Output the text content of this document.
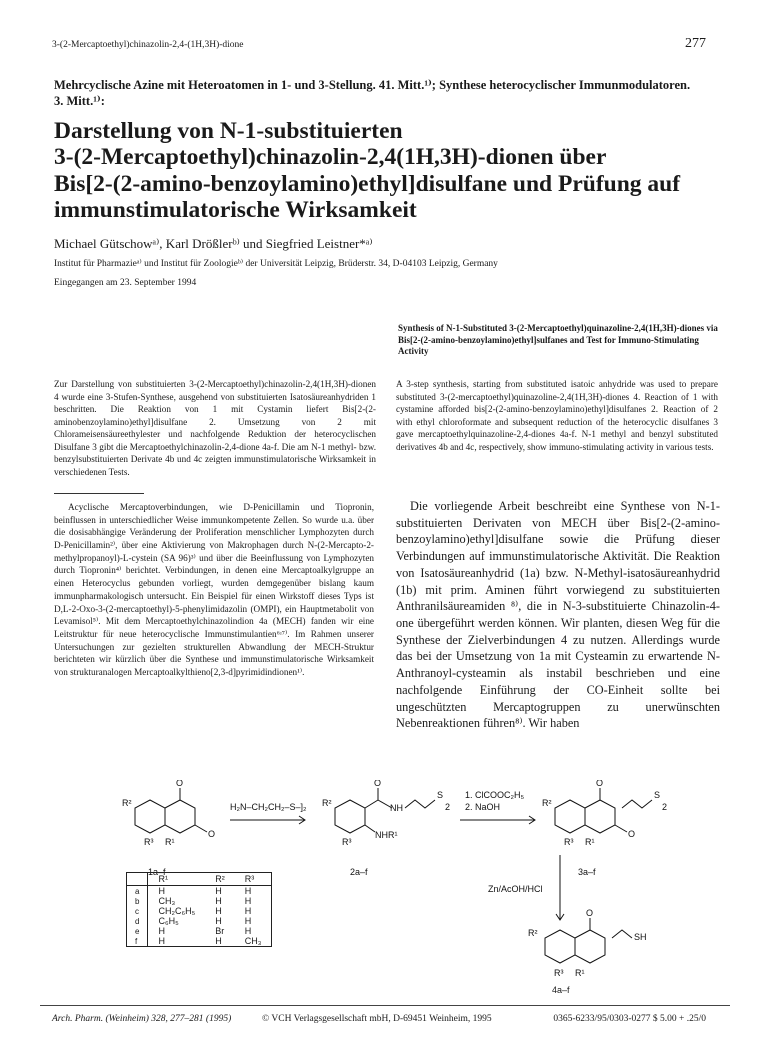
3-(2-Mercaptoethyl)chinazolin-2,4-(1H,3H)-dione	277
Mehrcyclische Azine mit Heteroatomen in 1- und 3-Stellung. 41. Mitt.¹⁾; Synthese heterocyclischer Immunmodulatoren. 3. Mitt.¹⁾:
Darstellung von N-1-substituierten
3-(2-Mercaptoethyl)chinazolin-2,4(1H,3H)-dionen über
Bis[2-(2-amino-benzoylamino)ethyl]disulfane und Prüfung auf
immunstimulatorische Wirksamkeit
Michael Gütschowᵃ⁾, Karl Drößlerᵇ⁾ und Siegfried Leistner*ᵃ⁾
Institut für Pharmazieᵃ⁾ und Institut für Zoologieᵇ⁾ der Universität Leipzig, Brüderstr. 34, D-04103 Leipzig, Germany
Eingegangen am 23. September 1994
Synthesis of N-1-Substituted 3-(2-Mercaptoethyl)quinazoline-2,4(1H,3H)-diones via Bis[2-(2-amino-benzoylamino)ethyl]sulfanes and Test for Immuno-Stimulating Activity
Zur Darstellung von substituierten 3-(2-Mercaptoethyl)chinazolin-2,4(1H,3H)-dionen 4 wurde eine 3-Stufen-Synthese, ausgehend von substituierten Isatosäureanhydriden 1 beschritten. Die Reaktion von 1 mit Cystamin liefert Bis[2-(2-aminobenzoylamino)ethyl]disulfane 2. Umsetzung von 2 mit Chlorameisensäureethylester und nachfolgende Reduktion der heterocyclischen Disulfane 3 gibt die Mercaptoethylchinazolin-2,4-dione 4a-f. Die am N-1 methyl- bzw. benzylsubstituierten Derivate 4b und 4c zeigten immunstimulatorische Wirksamkeit in verschiedenen Tests.
A 3-step synthesis, starting from substituted isatoic anhydride was used to prepare substituted 3-(2-mercaptoethyl)quinazoline-2,4(1H,3H)-diones 4. Reaction of 1 with cystamine afforded bis[2-(2-amino-benzoylamino)ethyl]disulfanes 2. Reaction of 2 with ethyl chloroformate and subsequent reduction of the heterocyclic disulfanes 3 gave mercaptoethylquinazoline-2,4-diones 4a-f. N-1 methyl and benzyl substituted derivatives 4b and 4c, respectively, show immuno-stimulating activity in various tests.
Acyclische Mercaptoverbindungen, wie D-Penicillamin und Tiopronin, beinflussen in unterschiedlicher Weise immunkompetente Zellen. So wurde u.a. über die dosisabhängige Veränderung der Proliferation menschlicher Lymphozyten durch D-Penicillamin²⁾, über eine Aktivierung von Makrophagen durch N-(2-Mercapto-2-methylpropanoyl)-L-cystein (SA 96)³⁾ und über die Beeinflussung von Lymphozyten durch Tiopronin⁴⁾ berichtet. Verbindungen, in denen eine Mercaptoalkylgruppe an einen Heterocyclus gebunden vorliegt, wurden demgegenüber bislang kaum immunpharmakologisch untersucht. Ein Beispiel für einen Wirkstoff dieses Typs ist D,L-2-Oxo-3-(2-mercaptoethyl)-5-phenylimidazolin (OMPI), ein Hauptmetabolit von Levamisol⁵⁾. Mit dem Mercaptoethylchinazolindion 4a (MECH) fanden wir eine Leitstruktur für neue heterocyclische Immunstimulantien⁶ʴ⁷⁾. Im Rahmen unserer Untersuchungen zur gezielten strukturellen Abwandlung der MECH-Struktur berichteten wir kürzlich über die Synthese und immunstimulatorische Wirksamkeit von strukturanalogen Mercaptoalkylthieno[2,3-d]pyrimidindionen¹⁾.
Die vorliegende Arbeit beschreibt eine Synthese von N-1-substituierten Derivaten von MECH über Bis[2-(2-amino-benzoylamino)ethyl]disulfane sowie die Prüfung dieser Verbindungen auf immunstimulatorische Aktivität. Die Reaktion von Isatosäureanhydrid (1a) bzw. N-Methyl-isatosäureanhydrid (1b) mit prim. Aminen führt vorwiegend zu substituierten Anthranilsäureamiden ⁸⁾, die in N-3-substituierte Chinazolin-4-one übergeführt werden können. Wir planten, diesen Weg für die Synthese der Zielverbindungen 4 zu nutzen. Allerdings wurde das bei der Umsetzung von 1a mit Cysteamin zu erwartende N-Anthranoyl-cysteamin als instabil beschrieben und eine nachfolgende Einführung der CO-Einheit sollte bei ungeschützten Mercaptogruppen zu unerwünschten Nebenreaktionen führen⁸⁾. Wir haben
R²
O
O
R³ R¹
1a–f
H₂N–CH₂CH₂–S–]₂ R²
O
NH
NHR¹
R³
S
2
2a–f
1. ClCOOC₂H₅
2. NaOH	R²
O
O
R³ R¹
S
2
3a–f
Zn/AcOH/HCl
R²
O
SH
R³ R¹
4a–f
	R¹	R²	R³
a	H	H	H
b	CH₃	H	H
c	CH₂C₆H₅	H	H
d	C₆H₅	H	H
e	H	Br	H
f	H	H	CH₃
Arch. Pharm. (Weinheim) 328, 277–281 (1995)	© VCH Verlagsgesellschaft mbH, D-69451 Weinheim, 1995	0365-6233/95/0303-0277 $ 5.00 + .25/0
